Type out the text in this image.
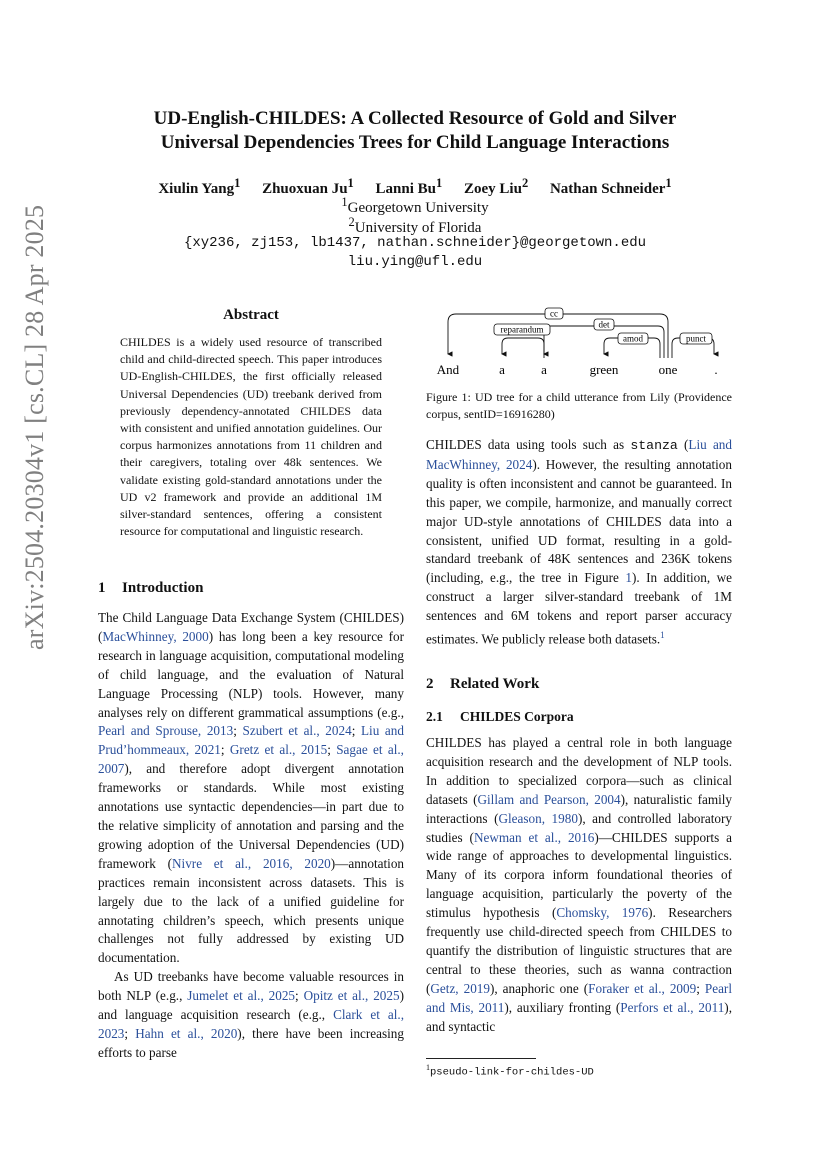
arXiv:2504.20304v1 [cs.CL] 28 Apr 2025
UD-English-CHILDES: A Collected Resource of Gold and Silver
Universal Dependencies Trees for Child Language Interactions
Xiulin Yang$^1$ Zhuoxuan Ju$^1$ Lanni Bu$^1$ Zoey Liu$^2$ Nathan Schneider$^1$
$^1$Georgetown University
$^2$University of Florida
{xy236, zj153, lb1437, nathan.schneider}@georgetown.edu
liu.ying@ufl.edu
Abstract
CHILDES is a widely used resource of transcribed child and child-directed speech. This paper introduces UD-English-CHILDES, the first officially released Universal Dependencies (UD) treebank derived from previously dependency-annotated CHILDES data with consistent and unified annotation guidelines. Our corpus harmonizes annotations from 11 children and their caregivers, totaling over 48k sentences. We validate existing gold-standard annotations under the UD v2 framework and provide an additional 1M silver-standard sentences, offering a consistent resource for computational and linguistic research.
1 Introduction

The Child Language Data Exchange System (CHILDES) (MacWhinney, 2000) has long been a key resource for research in language acquisition, computational modeling of child language, and the evaluation of Natural Language Processing (NLP) tools. However, many analyses rely on different grammatical assumptions (e.g., Pearl and Sprouse, 2013; Szubert et al., 2024; Liu and Prud’hommeaux, 2021; Gretz et al., 2015; Sagae et al., 2007), and therefore adopt divergent annotation frameworks or standards. While most existing annotations use syntactic dependencies—in part due to the relative simplicity of annotation and parsing and the growing adoption of the Universal Dependencies (UD) framework (Nivre et al., 2016, 2020)—annotation practices remain inconsistent across datasets. This is largely due to the lack of a unified guideline for annotating children’s speech, which presents unique challenges not fully addressed by existing UD documentation.

As UD treebanks have become valuable resources in both NLP (e.g., Jumelet et al., 2025; Opitz et al., 2025) and language acquisition research (e.g., Clark et al., 2023; Hahn et al., 2020), there have been increasing efforts to parse

cc
reparandum	det
amod	punct
And	a	a	green	one	.
Figure 1: UD tree for a child utterance from Lily (Providence corpus, sentID=16916280)
CHILDES data using tools such as stanza (Liu and MacWhinney, 2024). However, the resulting annotation quality is often inconsistent and cannot be guaranteed. In this paper, we compile, harmonize, and manually correct major UD-style annotations of CHILDES data into a consistent, unified UD format, resulting in a gold-standard treebank of 48K sentences and 236K tokens (including, e.g., the tree in Figure 1). In addition, we construct a larger silver-standard treebank of 1M sentences and 6M tokens and report parser accuracy estimates. We publicly release both datasets.$^1$
2 Related Work
2.1 CHILDES Corpora
CHILDES has played a central role in both language acquisition research and the development of NLP tools. In addition to specialized corpora—such as clinical datasets (Gillam and Pearson, 2004), naturalistic family interactions (Gleason, 1980), and controlled laboratory studies (Newman et al., 2016)—CHILDES supports a wide range of approaches to developmental linguistics. Many of its corpora inform foundational theories of language acquisition, particularly the poverty of the stimulus hypothesis (Chomsky, 1976). Researchers frequently use child-directed speech from CHILDES to quantify the distribution of linguistic structures that are central to these theories, such as wanna contraction (Getz, 2019), anaphoric one (Foraker et al., 2009; Pearl and Mis, 2011), auxiliary fronting (Perfors et al., 2011), and syntactic
$^1$pseudo-link-for-childes-UD
